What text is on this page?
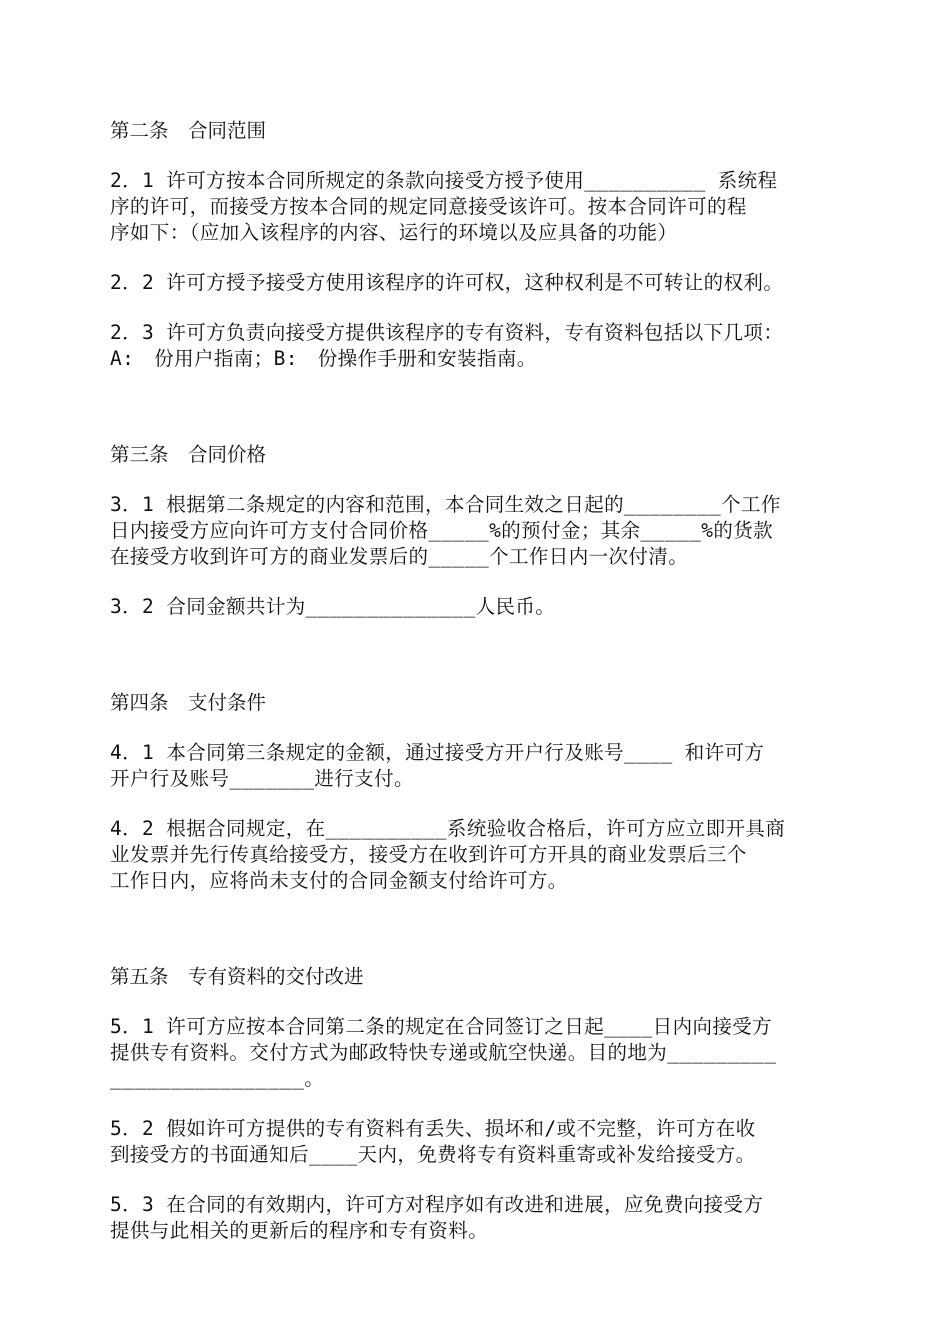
第二条　合同范围
2．1 许可方按本合同所规定的条款向接受方授予使用__________ 系统程
序的许可，而接受方按本合同的规定同意接受该许可。按本合同许可的程
序如下：（应加入该程序的内容、运行的环境以及应具备的功能）
2．2 许可方授予接受方使用该程序的许可权，这种权利是不可转让的权利。
2．3 许可方负责向接受方提供该程序的专有资料，专有资料包括以下几项：
A:　份用户指南；B:　份操作手册和安装指南。
第三条　合同价格
3．1 根据第二条规定的内容和范围，本合同生效之日起的________个工作
日内接受方应向许可方支付合同价格_____%的预付金；其余_____%的货款
在接受方收到许可方的商业发票后的_____个工作日内一次付清。
3．2 合同金额共计为______________人民币。
第四条　支付条件
4．1 本合同第三条规定的金额，通过接受方开户行及账号____ 和许可方
开户行及账号_______进行支付。
4．2 根据合同规定，在__________系统验收合格后，许可方应立即开具商
业发票并先行传真给接受方，接受方在收到许可方开具的商业发票后三个
工作日内，应将尚未支付的合同金额支付给许可方。
第五条　专有资料的交付改进
5．1 许可方应按本合同第二条的规定在合同签订之日起____日内向接受方
提供专有资料。交付方式为邮政特快专递或航空快递。目的地为_________
________________。
5．2 假如许可方提供的专有资料有丢失、损坏和/或不完整，许可方在收
到接受方的书面通知后____天内，免费将专有资料重寄或补发给接受方。
5．3 在合同的有效期内，许可方对程序如有改进和进展，应免费向接受方
提供与此相关的更新后的程序和专有资料。
